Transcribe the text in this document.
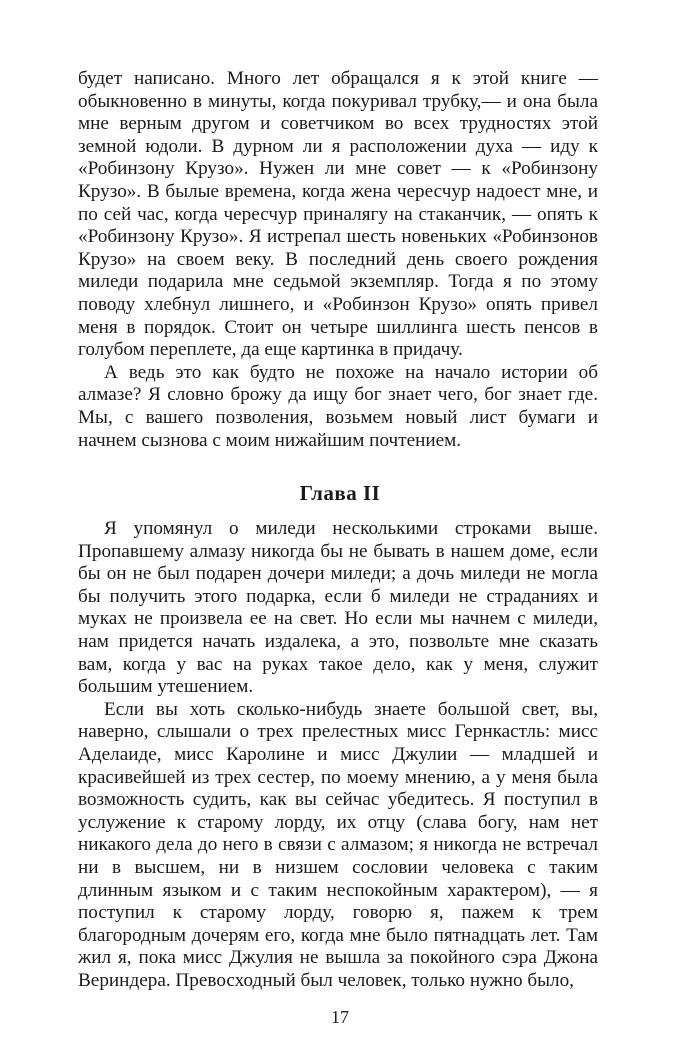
будет написано. Много лет обращался я к этой книге — обыкновенно в минуты, когда покуривал трубку,— и она была мне верным другом и советчиком во всех трудностях этой земной юдоли. В дурном ли я расположении духа — иду к «Робинзону Крузо». Нужен ли мне совет — к «Робинзону Крузо». В былые времена, когда жена чересчур надоест мне, и по сей час, когда чересчур приналягу на стаканчик, — опять к «Робинзону Крузо». Я истрепал шесть новеньких «Робинзонов Крузо» на своем веку. В последний день своего рождения миледи подарила мне седьмой экземпляр. Тогда я по этому поводу хлебнул лишнего, и «Робинзон Крузо» опять привел меня в порядок. Стоит он четыре шиллинга шесть пенсов в голубом переплете, да еще картинка в придачу.

А ведь это как будто не похоже на начало истории об алмазе? Я словно брожу да ищу бог знает чего, бог знает где. Мы, с вашего позволения, возьмем новый лист бумаги и начнем сызнова с моим нижайшим почтением.

Глава II

Я упомянул о миледи несколькими строками выше. Пропавшему алмазу никогда бы не бывать в нашем доме, если бы он не был подарен дочери миледи; а дочь миледи не могла бы получить этого подарка, если б миледи не страданиях и муках не произвела ее на свет. Но если мы начнем с миледи, нам придется начать издалека, а это, позвольте мне сказать вам, когда у вас на руках такое дело, как у меня, служит большим утешением.

Если вы хоть сколько-нибудь знаете большой свет, вы, наверно, слышали о трех прелестных мисс Гернкастль: мисс Аделаиде, мисс Каролине и мисс Джулии — младшей и красивейшей из трех сестер, по моему мнению, а у меня была возможность судить, как вы сейчас убедитесь. Я поступил в услужение к старому лорду, их отцу (слава богу, нам нет никакого дела до него в связи с алмазом; я никогда не встречал ни в высшем, ни в низшем сословии человека с таким длинным языком и с таким неспокойным характером), — я поступил к старому лорду, говорю я, пажем к трем благородным дочерям его, когда мне было пятнадцать лет. Там жил я, пока мисс Джулия не вышла за покойного сэра Джона Вериндера. Превосходный был человек, только нужно было,

17
